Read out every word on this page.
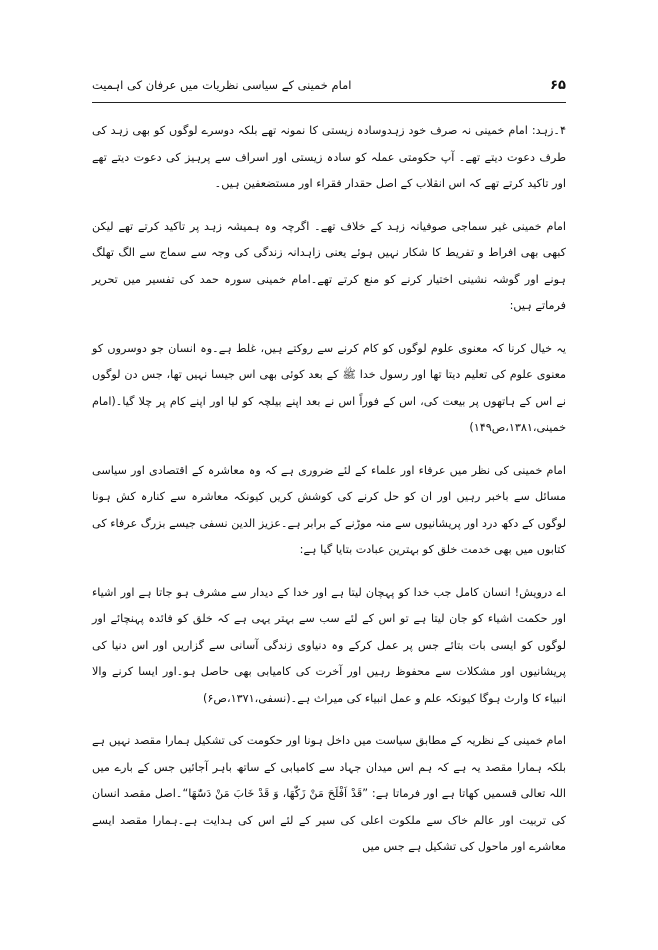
۶۵
امام خمینی کے سیاسی نظریات میں عرفان کی اہمیت

۴۔زہد: امام خمینی نہ صرف خود زہدوسادہ زیستی کا نمونہ تھے بلکہ دوسرے لوگوں کو بھی زہد کی طرف دعوت دیتے تھے۔ آپ حکومتی عملہ کو سادہ زیستی اور اسراف سے پرہیز کی دعوت دیتے تھے اور تاکید کرتے تھے کہ اس انقلاب کے اصل حقدار فقراء اور مستضعفین ہیں۔

امام خمینی غیر سماجی صوفیانہ زہد کے خلاف تھے۔ اگرچہ وہ ہمیشہ زہد پر تاکید کرتے تھے لیکن کبھی بھی افراط و تفریط کا شکار نہیں ہوئے یعنی زاہدانہ زندگی کی وجہ سے سماج سے الگ تھلگ ہونے اور گوشہ نشینی اختیار کرنے کو منع کرتے تھے۔امام خمینی سورہ حمد کی تفسیر میں تحریر فرماتے ہیں:

یہ خیال کرنا کہ معنوی علوم لوگوں کو کام کرنے سے روکتے ہیں، غلط ہے۔وہ انسان جو دوسروں کو معنوی علوم کی تعلیم دیتا تھا اور رسول خدا ﷺ کے بعد کوئی بھی اس جیسا نہیں تھا، جس دن لوگوں نے اس کے ہاتھوں پر بیعت کی، اس کے فوراً اس نے بعد اپنے بیلچہ کو لیا اور اپنے کام پر چلا گیا۔(امام خمینی،۱۳۸۱،ص۱۴۹)

امام خمینی کی نظر میں عرفاء اور علماء کے لئے ضروری ہے کہ وہ معاشرہ کے اقتصادی اور سیاسی مسائل سے باخبر رہیں اور ان کو حل کرنے کی کوشش کریں کیونکہ معاشرہ سے کنارہ کش ہونا لوگوں کے دکھ درد اور پریشانیوں سے منہ موڑنے کے برابر ہے۔عزیز الدین نسفی جیسے بزرگ عرفاء کی کتابوں میں بھی خدمت خلق کو بہترین عبادت بتایا گیا ہے:

اے درویش! انسان کامل جب خدا کو پہچان لیتا ہے اور خدا کے دیدار سے مشرف ہو جاتا ہے اور اشیاء اور حکمت اشیاء کو جان لیتا ہے تو اس کے لئے سب سے بہتر یہی ہے کہ خلق کو فائدہ پہنچائے اور لوگوں کو ایسی بات بتائے جس پر عمل کرکے وہ دنیاوی زندگی آسانی سے گزاریں اور اس دنیا کی پریشانیوں اور مشکلات سے محفوظ رہیں اور آخرت کی کامیابی بھی حاصل ہو۔اور ایسا کرنے والا انبیاء کا وارث ہوگا کیونکہ علم و عمل انبیاء کی میراث ہے۔(نسفی،۱۳۷۱،ص۶)

امام خمینی کے نظریہ کے مطابق سیاست میں داخل ہونا اور حکومت کی تشکیل ہمارا مقصد نہیں ہے بلکہ ہمارا مقصد یہ ہے کہ ہم اس میدان جہاد سے کامیابی کے ساتھ باہر آجائیں جس کے بارے میں اللہ تعالی قسمیں کھاتا ہے اور فرماتا ہے: ”قَدْ اَفْلَحَ مَنْ زَكّٰهَا، وَ قَدْ خَابَ مَنْ دَسّٰهَا“۔اصل مقصد انسان کی تربیت اور عالم خاک سے ملکوت اعلی کی سیر کے لئے اس کی ہدایت ہے۔ہمارا مقصد ایسے معاشرے اور ماحول کی تشکیل ہے جس میں
